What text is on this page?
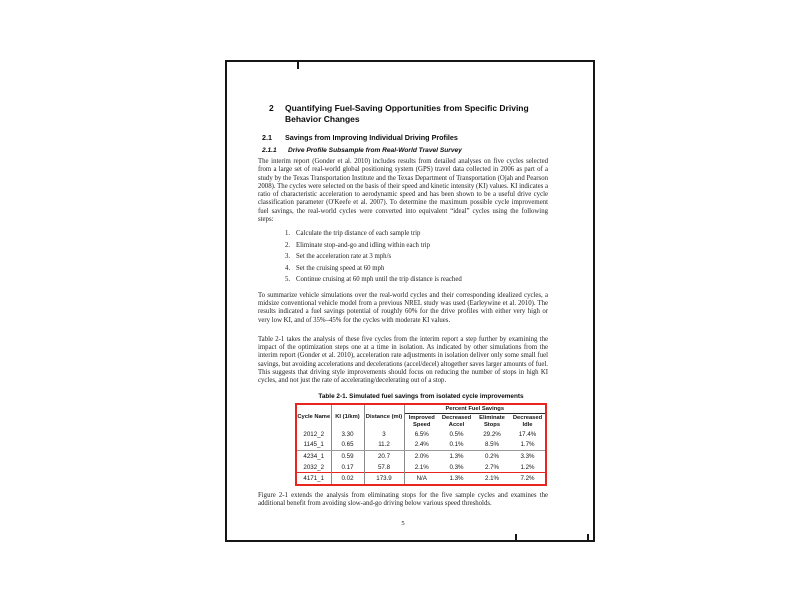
2	Quantifying Fuel-Saving Opportunities from Specific Driving Behavior Changes
2.1	Savings from Improving Individual Driving Profiles
2.1.1	Drive Profile Subsample from Real-World Travel Survey

The interim report (Gonder et al. 2010) includes results from detailed analyses on five cycles selected from a large set of real-world global positioning system (GPS) travel data collected in 2006 as part of a study by the Texas Transportation Institute and the Texas Department of Transportation (Ojah and Pearson 2008). The cycles were selected on the basis of their speed and kinetic intensity (KI) values. KI indicates a ratio of characteristic acceleration to aerodynamic speed and has been shown to be a useful drive cycle classification parameter (O'Keefe et al. 2007). To determine the maximum possible cycle improvement fuel savings, the real-world cycles were converted into equivalent “ideal” cycles using the following steps:

1. Calculate the trip distance of each sample trip
2. Eliminate stop-and-go and idling within each trip
3. Set the acceleration rate at 3 mph/s
4. Set the cruising speed at 60 mph
5. Continue cruising at 60 mph until the trip distance is reached

To summarize vehicle simulations over the real-world cycles and their corresponding idealized cycles, a midsize conventional vehicle model from a previous NREL study was used (Earleywine et al. 2010). The results indicated a fuel savings potential of roughly 60% for the drive profiles with either very high or very low KI, and of 35%–45% for the cycles with moderate KI values.

Table 2-1 takes the analysis of these five cycles from the interim report a step further by examining the impact of the optimization steps one at a time in isolation. As indicated by other simulations from the interim report (Gonder et al. 2010), acceleration rate adjustments in isolation deliver only some small fuel savings, but avoiding accelerations and decelerations (accel/decel) altogether saves larger amounts of fuel. This suggests that driving style improvements should focus on reducing the number of stops in high KI cycles, and not just the rate of accelerating/decelerating out of a stop.

Table 2-1. Simulated fuel savings from isolated cycle improvements
Cycle Name	KI (1/km)	Distance (mi)	Percent Fuel Savings			
			Improved Speed	Decreased Accel	Eliminate Stops	Decreased Idle
2012_2	3.30	3	6.5%	0.5%	29.2%	17.4%
1145_1	0.65	11.2	2.4%	0.1%	8.5%	1.7%
4234_1	0.59	20.7	2.0%	1.3%	0.2%	3.3%
2032_2	0.17	57.8	2.1%	0.3%	2.7%	1.2%
4171_1	0.02	173.9	N/A	1.3%	2.1%	7.2%

Figure 2-1 extends the analysis from eliminating stops for the five sample cycles and examines the additional benefit from avoiding slow-and-go driving below various speed thresholds.

5
